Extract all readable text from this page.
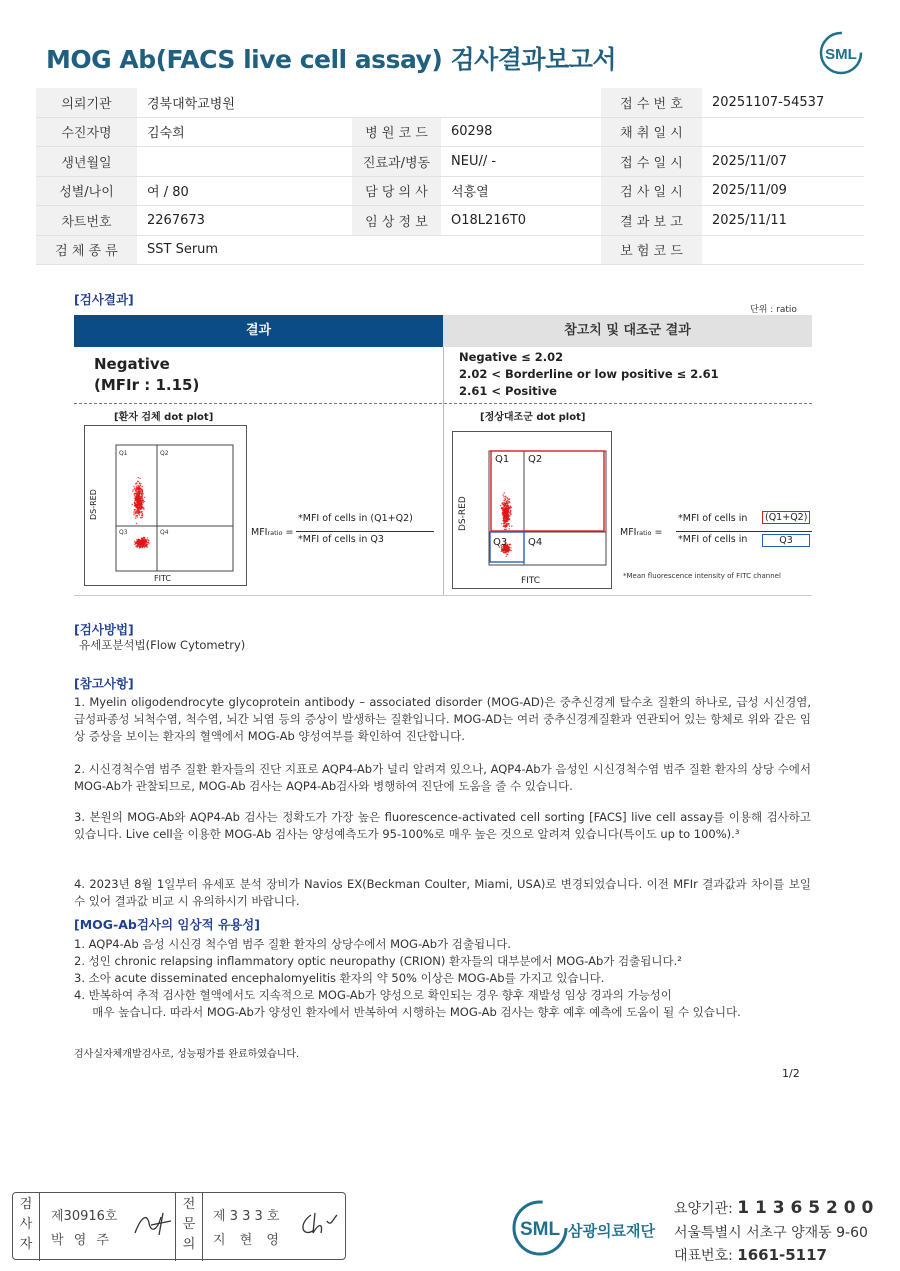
MOG Ab(FACS live cell assay) 검사결과보고서	SML
의뢰기관	경북대학교병원			접 수 번 호	20251107-54537
수진자명	김숙희	병 원 코 드	60298	채 취 일 시	
생년월일		진료과/병동	NEU// -	접 수 일 시	2025/11/07
성별/나이	여 / 80	담 당 의 사	석흥열	검 사 일 시	2025/11/09
차트번호	2267673	임 상 정 보	O18L216T0	결 과 보 고	2025/11/11
검 체 종 류	SST Serum			보 험 코 드	
[검사결과]
단위 : ratio
결과	참고치 및 대조군 결과
Negative
(MFIr : 1.15)
Negative ≤ 2.02
2.02 < Borderline or low positive ≤ 2.61
2.61 < Positive
[환자 검체 dot plot]
Q1	Q2
Q3	Q4
FITC
DS-RED
MFIratio =
*MFI of cells in (Q1+Q2)
*MFI of cells in Q3
[정상대조군 dot plot]
Q1 Q2
Q3 Q4
FITC
DS-RED
MFIratio =
*MFI of cells in	(Q1+Q2)
*MFI of cells in	Q3
*Mean fluorescence intensity of FITC channel
[검사방법]
유세포분석법(Flow Cytometry)
[참고사항]
1. Myelin oligodendrocyte glycoprotein antibody – associated disorder (MOG-AD)은 중추신경계 탈수초 질환의 하나로, 급성 시신경염, 급성파종성 뇌척수염, 척수염, 뇌간 뇌염 등의 증상이 발생하는 질환입니다. MOG-AD는 여러 중추신경계질환과 연관되어 있는 항체로 위와 같은 임상 증상을 보이는 환자의 혈액에서 MOG-Ab 양성여부를 확인하여 진단합니다.
2. 시신경척수염 범주 질환 환자들의 진단 지표로 AQP4-Ab가 널리 알려져 있으나, AQP4-Ab가 음성인 시신경척수염 범주 질환 환자의 상당 수에서 MOG-Ab가 관찰되므로, MOG-Ab 검사는 AQP4-Ab검사와 병행하여 진단에 도움을 줄 수 있습니다.
3. 본원의 MOG-Ab와 AQP4-Ab 검사는 정확도가 가장 높은 fluorescence-activated cell sorting [FACS] live cell assay를 이용해 검사하고 있습니다. Live cell을 이용한 MOG-Ab 검사는 양성예측도가 95-100%로 매우 높은 것으로 알려져 있습니다(특이도 up to 100%).³
4. 2023년 8월 1일부터 유세포 분석 장비가 Navios EX(Beckman Coulter, Miami, USA)로 변경되었습니다. 이전 MFIr 결과값과 차이를 보일 수 있어 결과값 비교 시 유의하시기 바랍니다.
[MOG-Ab검사의 임상적 유용성]
1. AQP4-Ab 음성 시신경 척수염 범주 질환 환자의 상당수에서 MOG-Ab가 검출됩니다.
2. 성인 chronic relapsing inflammatory optic neuropathy (CRION) 환자들의 대부분에서 MOG-Ab가 검출됩니다.²
3. 소아 acute disseminated encephalomyelitis 환자의 약 50% 이상은 MOG-Ab를 가지고 있습니다.
4. 반복하여 추적 검사한 혈액에서도 지속적으로 MOG-Ab가 양성으로 확인되는 경우 향후 재발성 임상 경과의 가능성이
매우 높습니다. 따라서 MOG-Ab가 양성인 환자에서 반복하여 시행하는 MOG-Ab 검사는 향후 예후 예측에 도움이 될 수 있습니다.
검사실자체개발검사로, 성능평가를 완료하였습니다.
1/2
검
사
자
제30916호
박 영 주
전
문
의
제 3 3 3 호
지 현 영
SML 삼광의료재단
요양기관: 1 1 3 6 5 2 0 0
서울특별시 서초구 양재동 9-60
대표번호: 1661-5117
